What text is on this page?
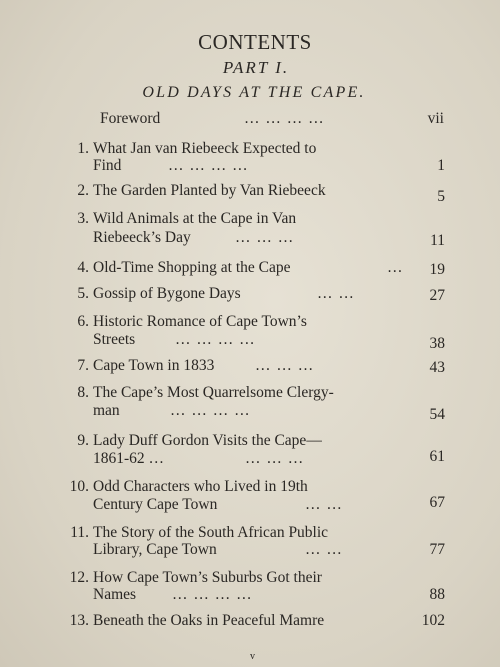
CONTENTS
PART I.
OLD DAYS AT THE CAPE.
Foreword	… … … …	vii
1. What Jan van Riebeeck Expected to
Find	… … … …	1
2. The Garden Planted by Van Riebeeck	5
3. Wild Animals at the Cape in Van
Riebeeck’s Day	… … …	11
4. Old-Time Shopping at the Cape	…	19
5. Gossip of Bygone Days	… …	27
6. Historic Romance of Cape Town’s
Streets	… … … …	38
7. Cape Town in 1833	… … …	43
8. The Cape’s Most Quarrelsome Clergy-
man	… … … …	54
9. Lady Duff Gordon Visits the Cape—
1861-62 …	… … …	61
10. Odd Characters who Lived in 19th
Century Cape Town	… …	67
11. The Story of the South African Public
Library, Cape Town	… …	77
12. How Cape Town’s Suburbs Got their
Names … … … …	88
13. Beneath the Oaks in Peaceful Mamre	102
v
